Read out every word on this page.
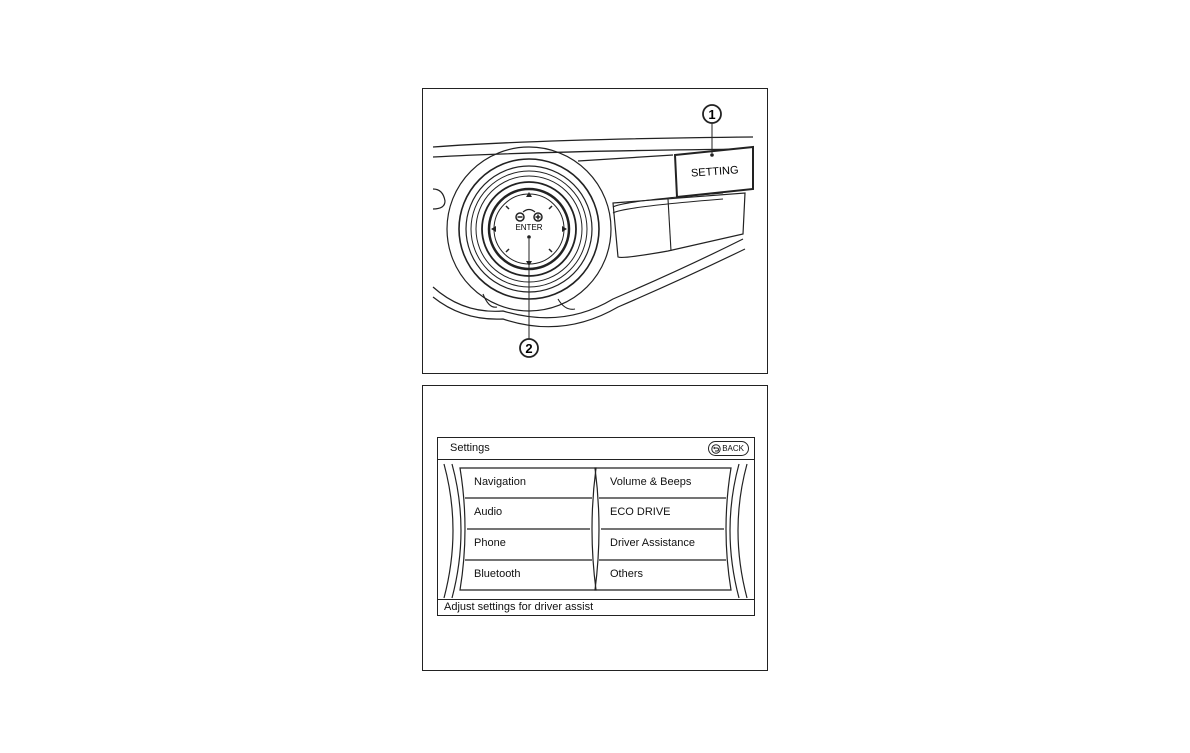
SETTING
1
ENTER
2
Settings	BACK
Navigation
Audio
Phone
Bluetooth
Volume & Beeps
ECO DRIVE
Driver Assistance
Others
Adjust settings for driver assist
